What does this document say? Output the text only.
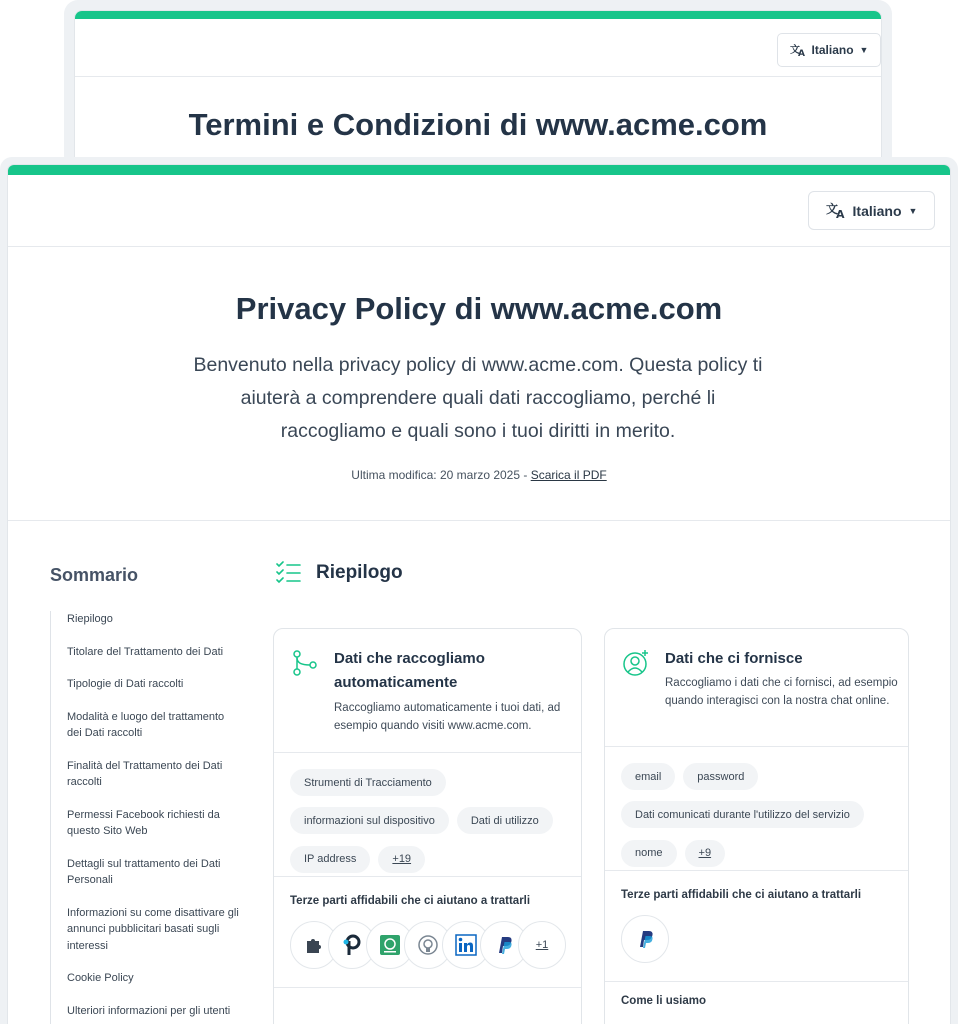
文
A Italiano ▼
Termini e Condizioni di www.acme.com
文
A Italiano ▼
Privacy Policy di www.acme.com
Benvenuto nella privacy policy di www.acme.com. Questa policy ti aiuterà a comprendere quali dati raccogliamo, perché li raccogliamo e quali sono i tuoi diritti in merito.
Ultima modifica: 20 marzo 2025 - Scarica il PDF
Sommario
Riepilogo
Titolare del Trattamento dei Dati
Tipologie di Dati raccolti
Modalità e luogo del trattamento dei Dati raccolti
Finalità del Trattamento dei Dati raccolti
Permessi Facebook richiesti da questo Sito Web
Dettagli sul trattamento dei Dati Personali
Informazioni su come disattivare gli annunci pubblicitari basati sugli interessi
Cookie Policy
Ulteriori informazioni per gli utenti
Riepilogo
Dati che raccogliamo automaticamente
Raccogliamo automaticamente i tuoi dati, ad esempio quando visiti www.acme.com.
Strumenti di Tracciamento
informazioni sul dispositivo	Dati di utilizzo
IP address	+19
Terze parti affidabili che ci aiutano a trattarli
+1
Dati che ci fornisce
Raccogliamo i dati che ci fornisci, ad esempio quando interagisci con la nostra chat online.
email	password
Dati comunicati durante l'utilizzo del servizio
nome	+9
Terze parti affidabili che ci aiutano a trattarli
Come li usiamo
